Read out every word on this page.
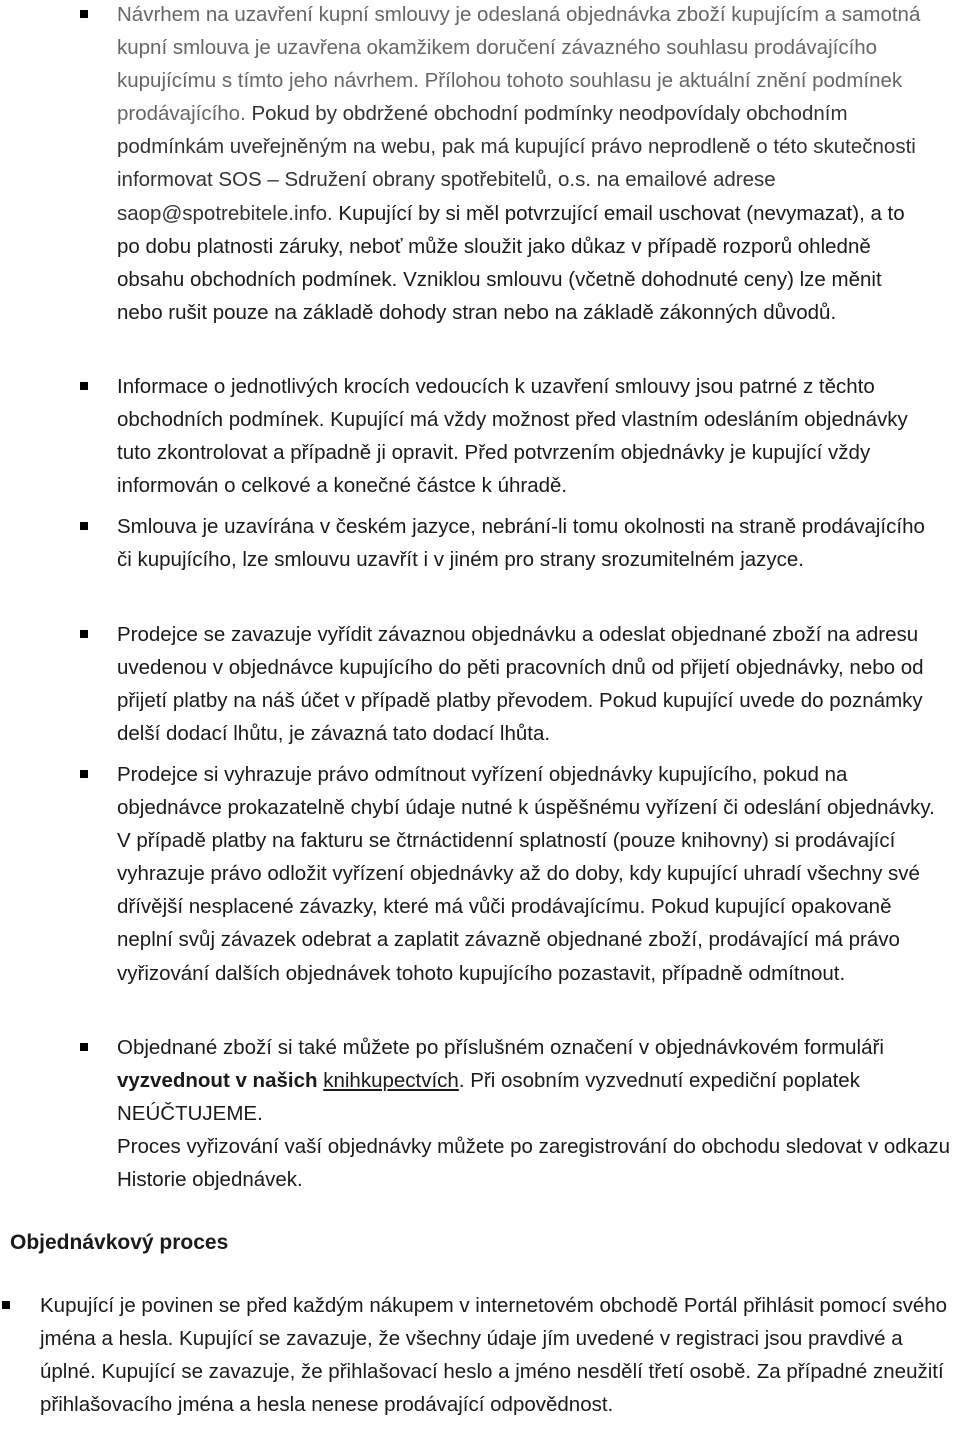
Návrhem na uzavření kupní smlouvy je odeslaná objednávka zboží kupujícím a samotná kupní smlouva je uzavřena okamžikem doručení závazného souhlasu prodávajícího kupujícímu s tímto jeho návrhem. Přílohou tohoto souhlasu je aktuální znění podmínek prodávajícího. Pokud by obdržené obchodní podmínky neodpovídaly obchodním podmínkám uveřejněným na webu, pak má kupující právo neprodleně o této skutečnosti informovat SOS – Sdružení obrany spotřebitelů, o.s. na emailové adrese saop@spotrebitele.info. Kupující by si měl potvrzující email uschovat (nevymazat), a to po dobu platnosti záruky, neboť může sloužit jako důkaz v případě rozporů ohledně obsahu obchodních podmínek. Vzniklou smlouvu (včetně dohodnuté ceny) lze měnit nebo rušit pouze na základě dohody stran nebo na základě zákonných důvodů.

Informace o jednotlivých krocích vedoucích k uzavření smlouvy jsou patrné z těchto obchodních podmínek. Kupující má vždy možnost před vlastním odesláním objednávky tuto zkontrolovat a případně ji opravit. Před potvrzením objednávky je kupující vždy informován o celkové a konečné částce k úhradě.

Smlouva je uzavírána v českém jazyce, nebrání-li tomu okolnosti na straně prodávajícího či kupujícího, lze smlouvu uzavřít i v jiném pro strany srozumitelném jazyce.

Prodejce se zavazuje vyřídit závaznou objednávku a odeslat objednané zboží na adresu uvedenou v objednávce kupujícího do pěti pracovních dnů od přijetí objednávky, nebo od přijetí platby na náš účet v případě platby převodem. Pokud kupující uvede do poznámky delší dodací lhůtu, je závazná tato dodací lhůta.

Prodejce si vyhrazuje právo odmítnout vyřízení objednávky kupujícího, pokud na objednávce prokazatelně chybí údaje nutné k úspěšnému vyřízení či odeslání objednávky. V případě platby na fakturu se čtrnáctidenní splatností (pouze knihovny) si prodávající vyhrazuje právo odložit vyřízení objednávky až do doby, kdy kupující uhradí všechny své dřívější nesplacené závazky, které má vůči prodávajícímu. Pokud kupující opakovaně neplní svůj závazek odebrat a zaplatit závazně objednané zboží, prodávající má právo vyřizování dalších objednávek tohoto kupujícího pozastavit, případně odmítnout.

Objednané zboží si také můžete po příslušném označení v objednávkovém formuláři vyzvednout v našich knihkupectvích. Při osobním vyzvednutí expediční poplatek NEÚČTUJEME.
Proces vyřizování vaší objednávky můžete po zaregistrování do obchodu sledovat v odkazu Historie objednávek.

Objednávkový proces

Kupující je povinen se před každým nákupem v internetovém obchodě Portál přihlásit pomocí svého jména a hesla. Kupující se zavazuje, že všechny údaje jím uvedené v registraci jsou pravdivé a úplné. Kupující se zavazuje, že přihlašovací heslo a jméno nesdělí třetí osobě. Za případné zneužití přihlašovacího jména a hesla nenese prodávající odpovědnost.
